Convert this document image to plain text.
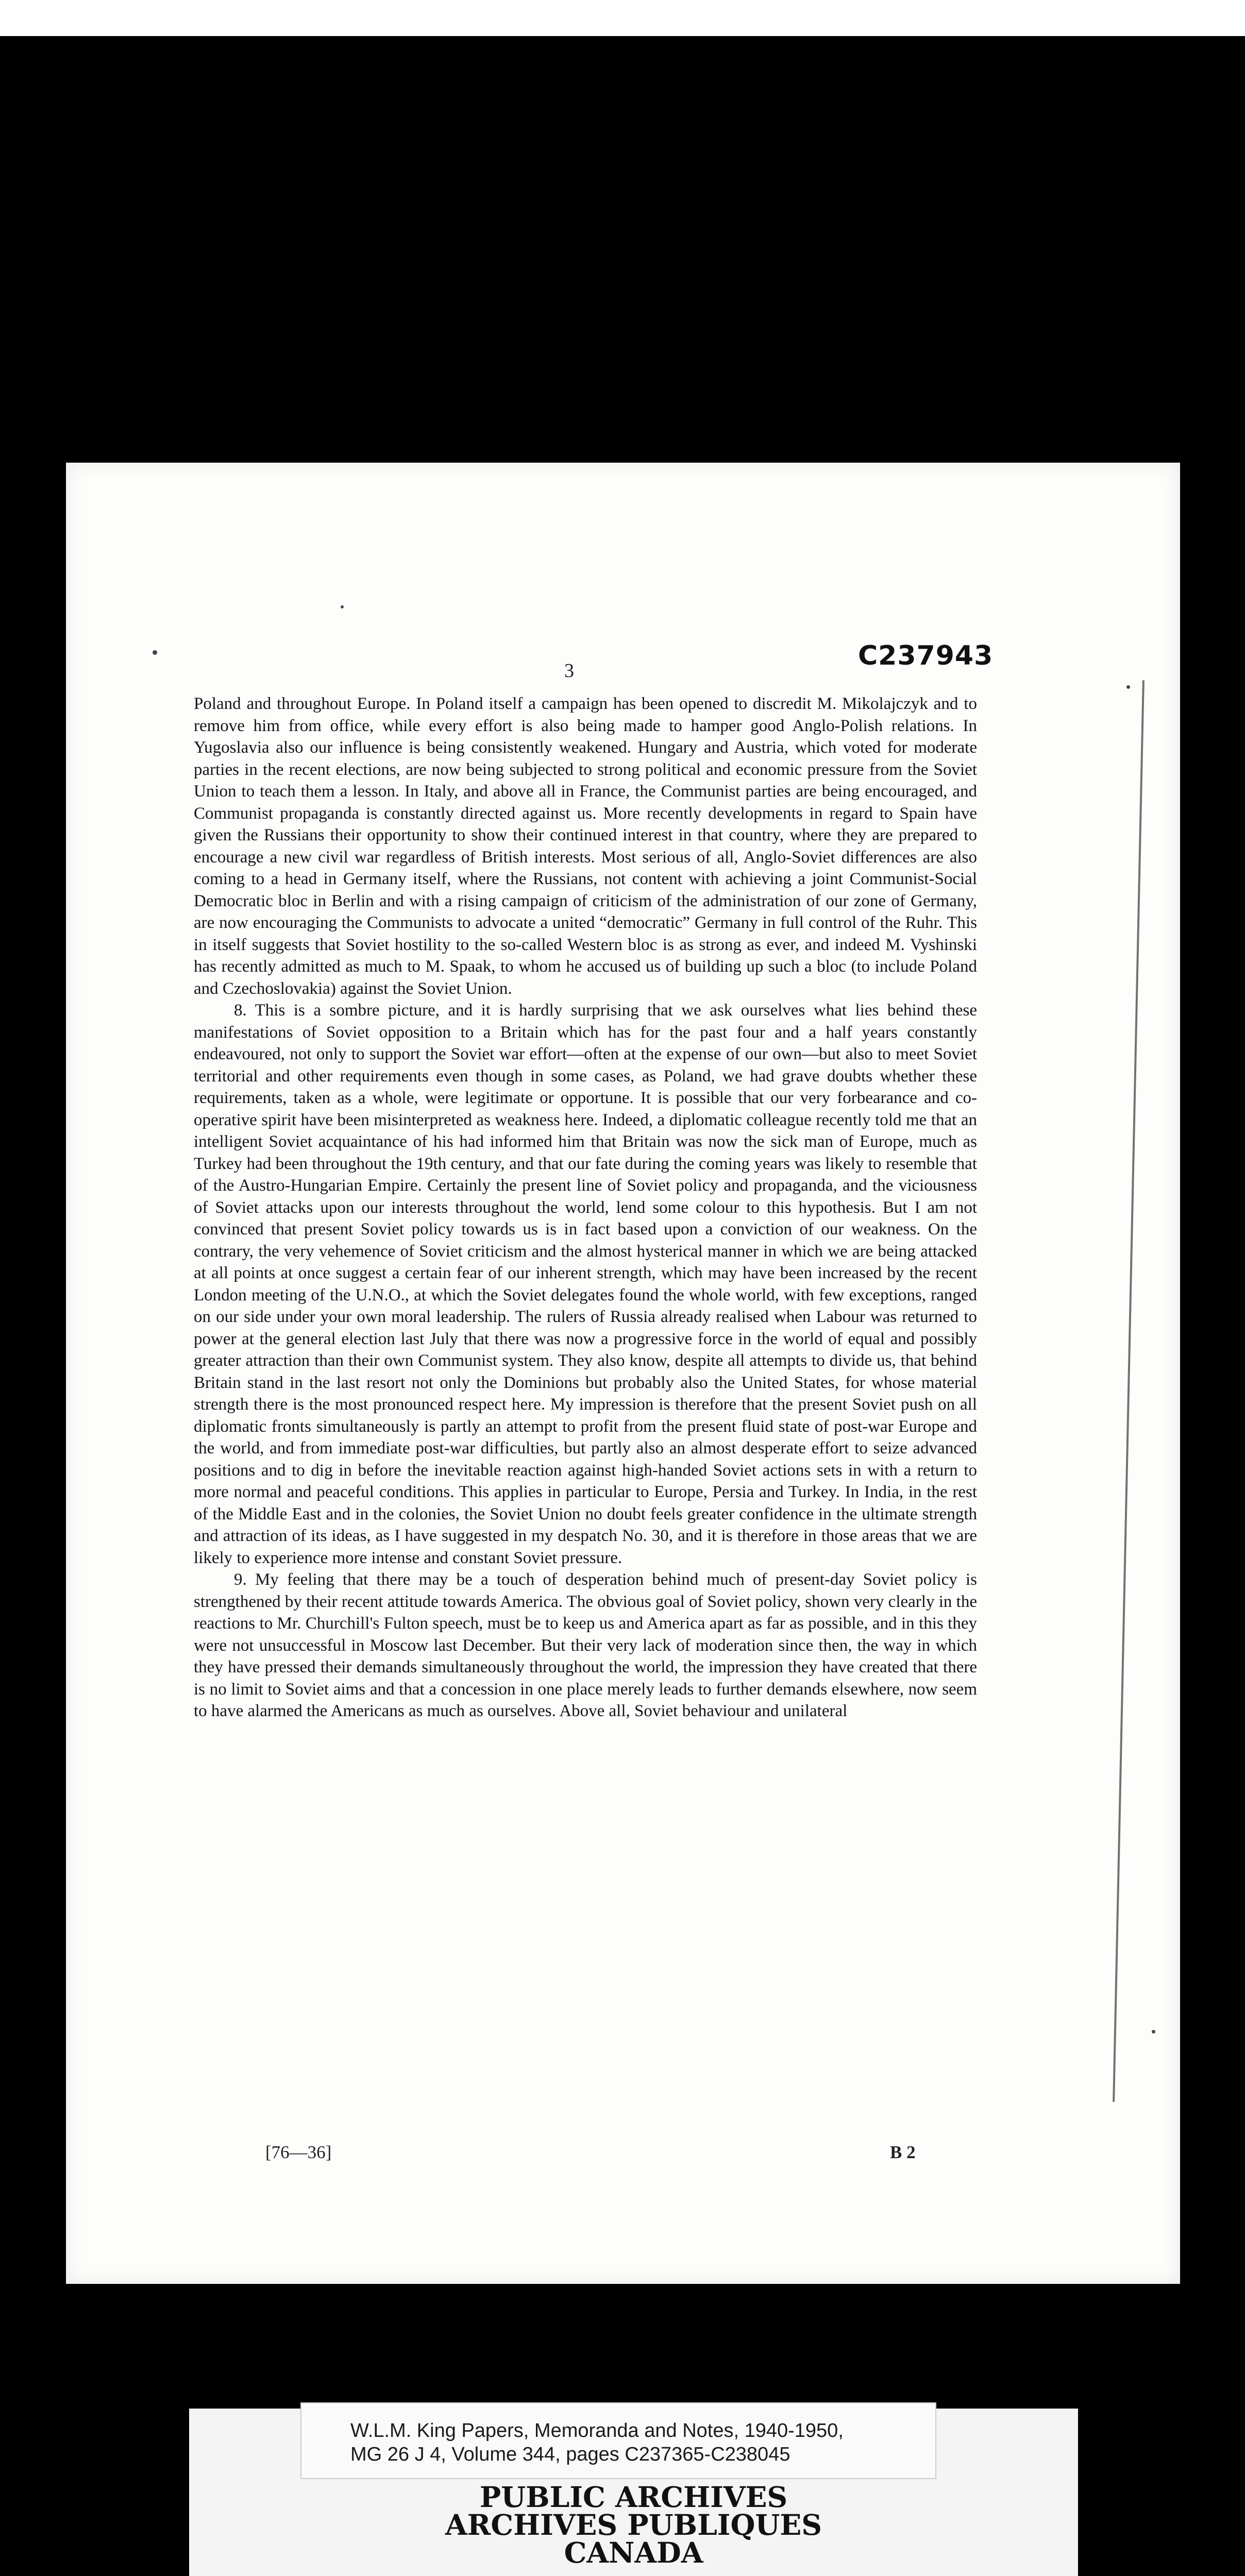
3	C237943

Poland and throughout Europe. In Poland itself a campaign has been opened to discredit M. Mikolajczyk and to remove him from office, while every effort is also being made to hamper good Anglo-Polish relations. In Yugoslavia also our influence is being consistently weakened. Hungary and Austria, which voted for moderate parties in the recent elections, are now being subjected to strong political and economic pressure from the Soviet Union to teach them a lesson. In Italy, and above all in France, the Communist parties are being encouraged, and Communist propaganda is constantly directed against us. More recently developments in regard to Spain have given the Russians their opportunity to show their continued interest in that country, where they are prepared to encourage a new civil war regardless of British interests. Most serious of all, Anglo-Soviet differences are also coming to a head in Germany itself, where the Russians, not content with achieving a joint Communist-Social Democratic bloc in Berlin and with a rising campaign of criticism of the administration of our zone of Germany, are now encouraging the Communists to advocate a united “democratic” Germany in full control of the Ruhr. This in itself suggests that Soviet hostility to the so-called Western bloc is as strong as ever, and indeed M. Vyshinski has recently admitted as much to M. Spaak, to whom he accused us of building up such a bloc (to include Poland and Czechoslovakia) against the Soviet Union.

8. This is a sombre picture, and it is hardly surprising that we ask ourselves what lies behind these manifestations of Soviet opposition to a Britain which has for the past four and a half years constantly endeavoured, not only to support the Soviet war effort—often at the expense of our own—but also to meet Soviet territorial and other requirements even though in some cases, as Poland, we had grave doubts whether these requirements, taken as a whole, were legitimate or opportune. It is possible that our very forbearance and co-operative spirit have been misinterpreted as weakness here. Indeed, a diplomatic colleague recently told me that an intelligent Soviet acquaintance of his had informed him that Britain was now the sick man of Europe, much as Turkey had been throughout the 19th century, and that our fate during the coming years was likely to resemble that of the Austro-Hungarian Empire. Certainly the present line of Soviet policy and propaganda, and the viciousness of Soviet attacks upon our interests throughout the world, lend some colour to this hypothesis. But I am not convinced that present Soviet policy towards us is in fact based upon a conviction of our weakness. On the contrary, the very vehemence of Soviet criticism and the almost hysterical manner in which we are being attacked at all points at once suggest a certain fear of our inherent strength, which may have been increased by the recent London meeting of the U.N.O., at which the Soviet delegates found the whole world, with few exceptions, ranged on our side under your own moral leadership. The rulers of Russia already realised when Labour was returned to power at the general election last July that there was now a progressive force in the world of equal and possibly greater attraction than their own Communist system. They also know, despite all attempts to divide us, that behind Britain stand in the last resort not only the Dominions but probably also the United States, for whose material strength there is the most pronounced respect here. My impression is therefore that the present Soviet push on all diplomatic fronts simultaneously is partly an attempt to profit from the present fluid state of post-war Europe and the world, and from immediate post-war difficulties, but partly also an almost desperate effort to seize advanced positions and to dig in before the inevitable reaction against high-handed Soviet actions sets in with a return to more normal and peaceful conditions. This applies in particular to Europe, Persia and Turkey. In India, in the rest of the Middle East and in the colonies, the Soviet Union no doubt feels greater confidence in the ultimate strength and attraction of its ideas, as I have suggested in my despatch No. 30, and it is therefore in those areas that we are likely to experience more intense and constant Soviet pressure.

9. My feeling that there may be a touch of desperation behind much of present-day Soviet policy is strengthened by their recent attitude towards America. The obvious goal of Soviet policy, shown very clearly in the reactions to Mr. Churchill's Fulton speech, must be to keep us and America apart as far as possible, and in this they were not unsuccessful in Moscow last December. But their very lack of moderation since then, the way in which they have pressed their demands simultaneously throughout the world, the impression they have created that there is no limit to Soviet aims and that a concession in one place merely leads to further demands elsewhere, now seem to have alarmed the Americans as much as ourselves. Above all, Soviet behaviour and unilateral

[76—36]	B 2
PUBLIC ARCHIVES
ARCHIVES PUBLIQUES
CANADA
W.L.M. King Papers, Memoranda and Notes, 1940-1950,
MG 26 J 4, Volume 344, pages C237365-C238045
